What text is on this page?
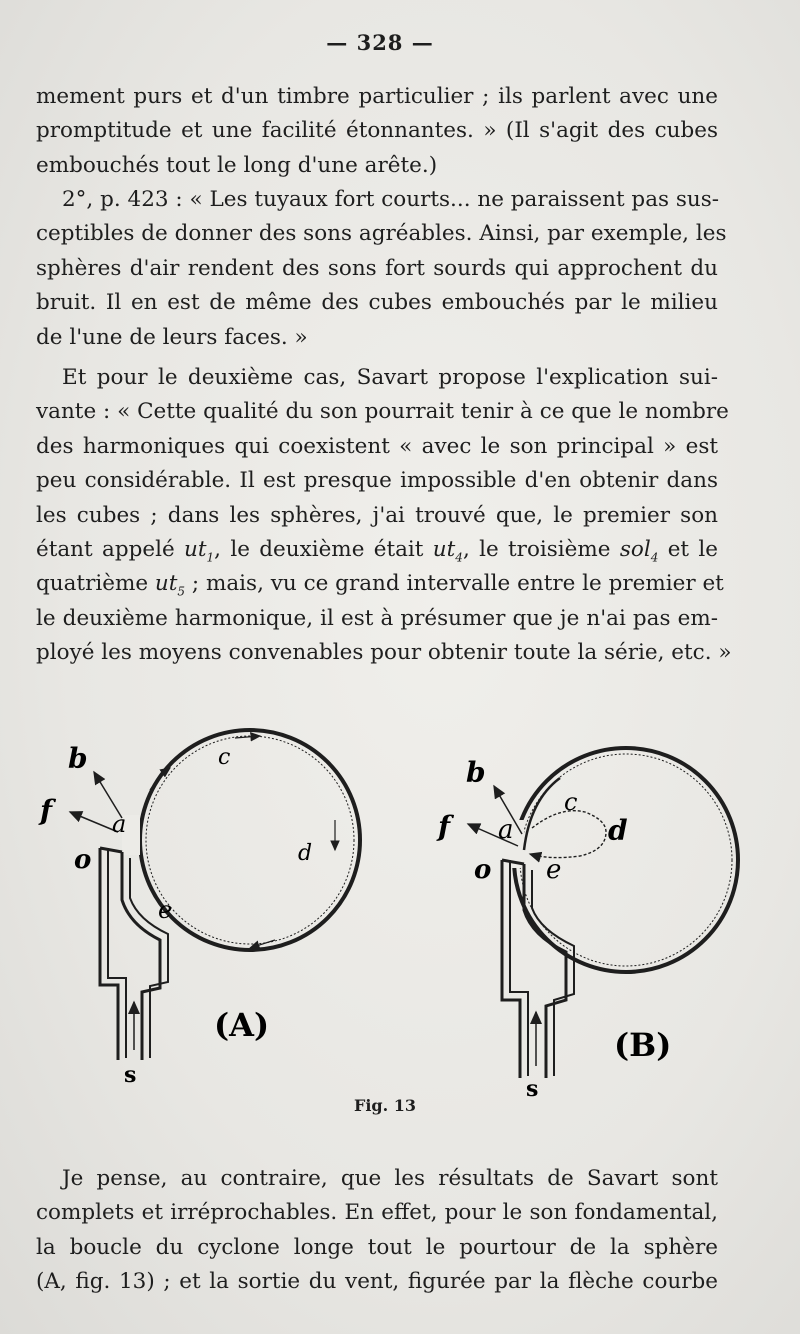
— 328 —
mement purs et d'un timbre particulier ; ils parlent avec une
promptitude et une facilité étonnantes. » (Il s'agit des cubes
embouchés tout le long d'une arête.)
2°, p. 423 : « Les tuyaux fort courts... ne paraissent pas sus-
ceptibles de donner des sons agréables. Ainsi, par exemple, les
sphères d'air rendent des sons fort sourds qui approchent du
bruit. Il en est de même des cubes embouchés par le milieu
de l'une de leurs faces. »
Et pour le deuxième cas, Savart propose l'explication sui-
vante : « Cette qualité du son pourrait tenir à ce que le nombre
des harmoniques qui coexistent « avec le son principal » est
peu considérable. Il est presque impossible d'en obtenir dans
les cubes ; dans les sphères, j'ai trouvé que, le premier son
étant appelé $ut_1$, le deuxième était $ut_4$, le troisième sol$_4$ et le
quatrième $ut_5$ ; mais, vu ce grand intervalle entre le premier et
le deuxième harmonique, il est à présumer que je n'ai pas em-
ployé les moyens convenables pour obtenir toute la série, etc. »
b
f a
o
c
d
e
s
(A)
b
f a
o
c
d
e
s
(B)
Fig. 13
Je pense, au contraire, que les résultats de Savart sont
complets et irréprochables. En effet, pour le son fondamental,
la boucle du cyclone longe tout le pourtour de la sphère
(A, fig. 13) ; et la sortie du vent, figurée par la flèche courbe
